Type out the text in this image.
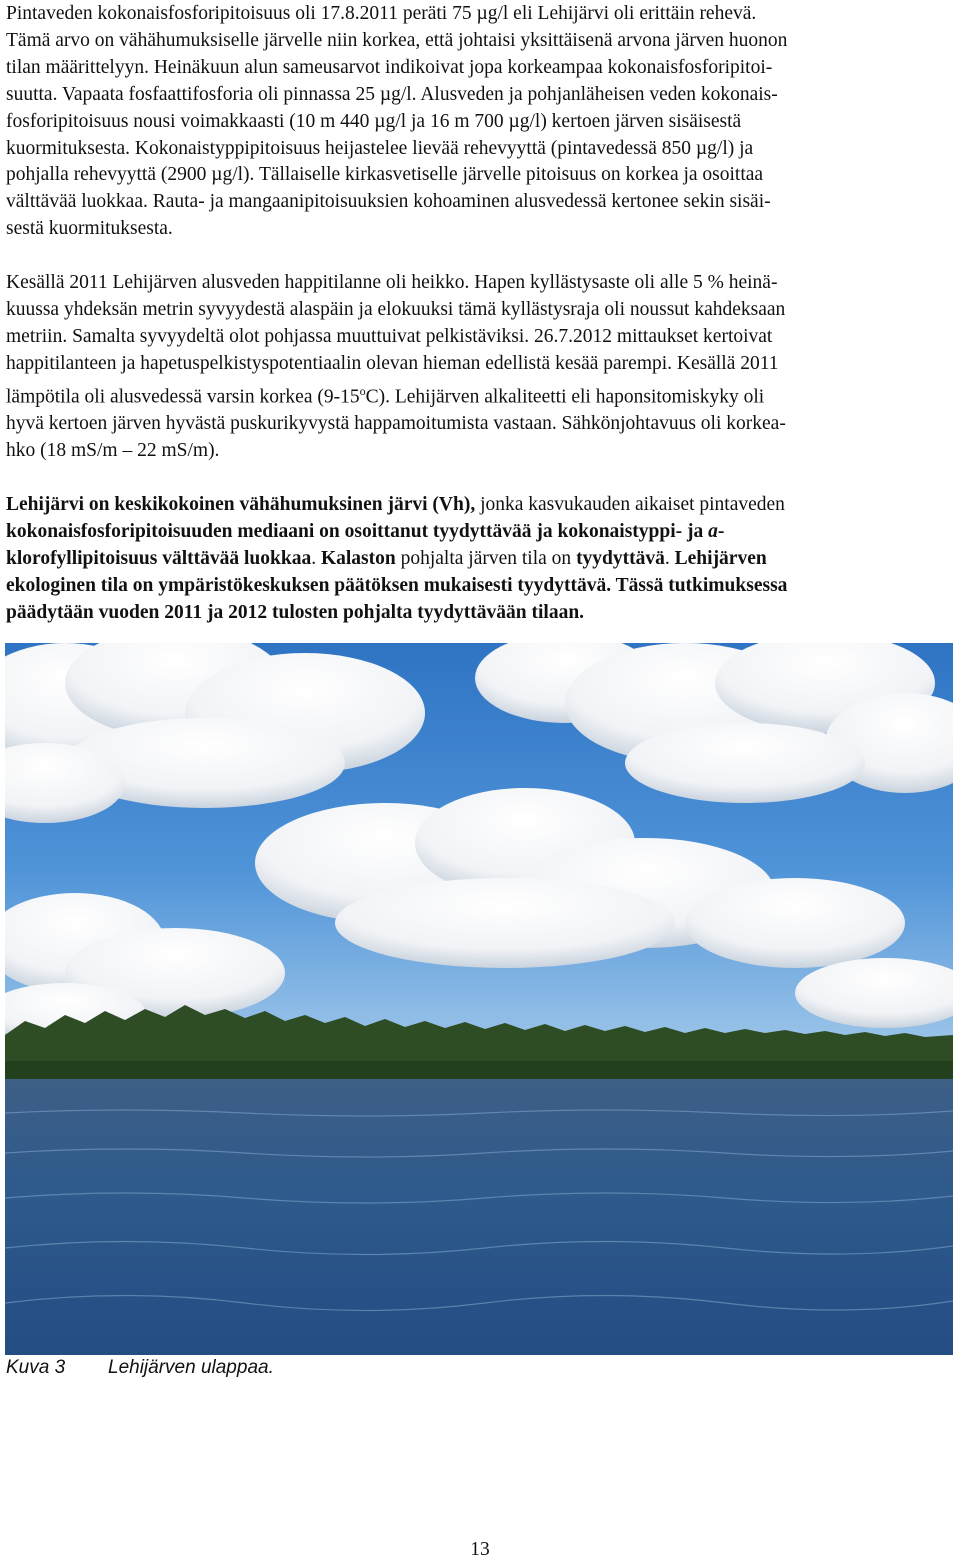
Pintaveden kokonaisfosforipitoisuus oli 17.8.2011 peräti 75 µg/l eli Lehijärvi oli erittäin rehevä.
Tämä arvo on vähähumuksiselle järvelle niin korkea, että johtaisi yksittäisenä arvona järven huonon
tilan määrittelyyn. Heinäkuun alun sameusarvot indikoivat jopa korkeampaa kokonaisfosforipitoi-
suutta. Vapaata fosfaattifosforia oli pinnassa 25 µg/l. Alusveden ja pohjanläheisen veden kokonais-
fosforipitoisuus nousi voimakkaasti (10 m 440 µg/l ja 16 m 700 µg/l) kertoen järven sisäisestä
kuormituksesta. Kokonaistyppipitoisuus heijastelee lievää rehevyyttä (pintavedessä 850 µg/l) ja
pohjalla rehevyyttä (2900 µg/l). Tällaiselle kirkasvetiselle järvelle pitoisuus on korkea ja osoittaa
välttävää luokkaa. Rauta- ja mangaanipitoisuuksien kohoaminen alusvedessä kertonee sekin sisäi-
sestä kuormituksesta.

Kesällä 2011 Lehijärven alusveden happitilanne oli heikko. Hapen kyllästysaste oli alle 5 % heinä-
kuussa yhdeksän metrin syvyydestä alaspäin ja elokuuksi tämä kyllästysraja oli noussut kahdeksaan
metriin. Samalta syvyydeltä olot pohjassa muuttuivat pelkistäviksi. 26.7.2012 mittaukset kertoivat
happitilanteen ja hapetuspelkistyspotentiaalin olevan hieman edellistä kesää parempi. Kesällä 2011
lämpötila oli alusvedessä varsin korkea (9-15$^o$C). Lehijärven alkaliteetti eli haponsitomiskyky oli
hyvä kertoen järven hyvästä puskurikyvystä happamoitumista vastaan. Sähkönjohtavuus oli korkea-
hko (18 mS/m – 22 mS/m).

Lehijärvi on keskikokoinen vähähumuksinen järvi (Vh), jonka kasvukauden aikaiset pintaveden
kokonaisfosforipitoisuuden mediaani on osoittanut tyydyttävää ja kokonaistyppi- ja a-
klorofyllipitoisuus välttävää luokkaa. Kalaston pohjalta järven tila on tyydyttävä. Lehijärven
ekologinen tila on ympäristökeskuksen päätöksen mukaisesti tyydyttävä. Tässä tutkimuksessa
päädytään vuoden 2011 ja 2012 tulosten pohjalta tyydyttävään tilaan.

Kuva 3 Lehijärven ulappaa.
13
